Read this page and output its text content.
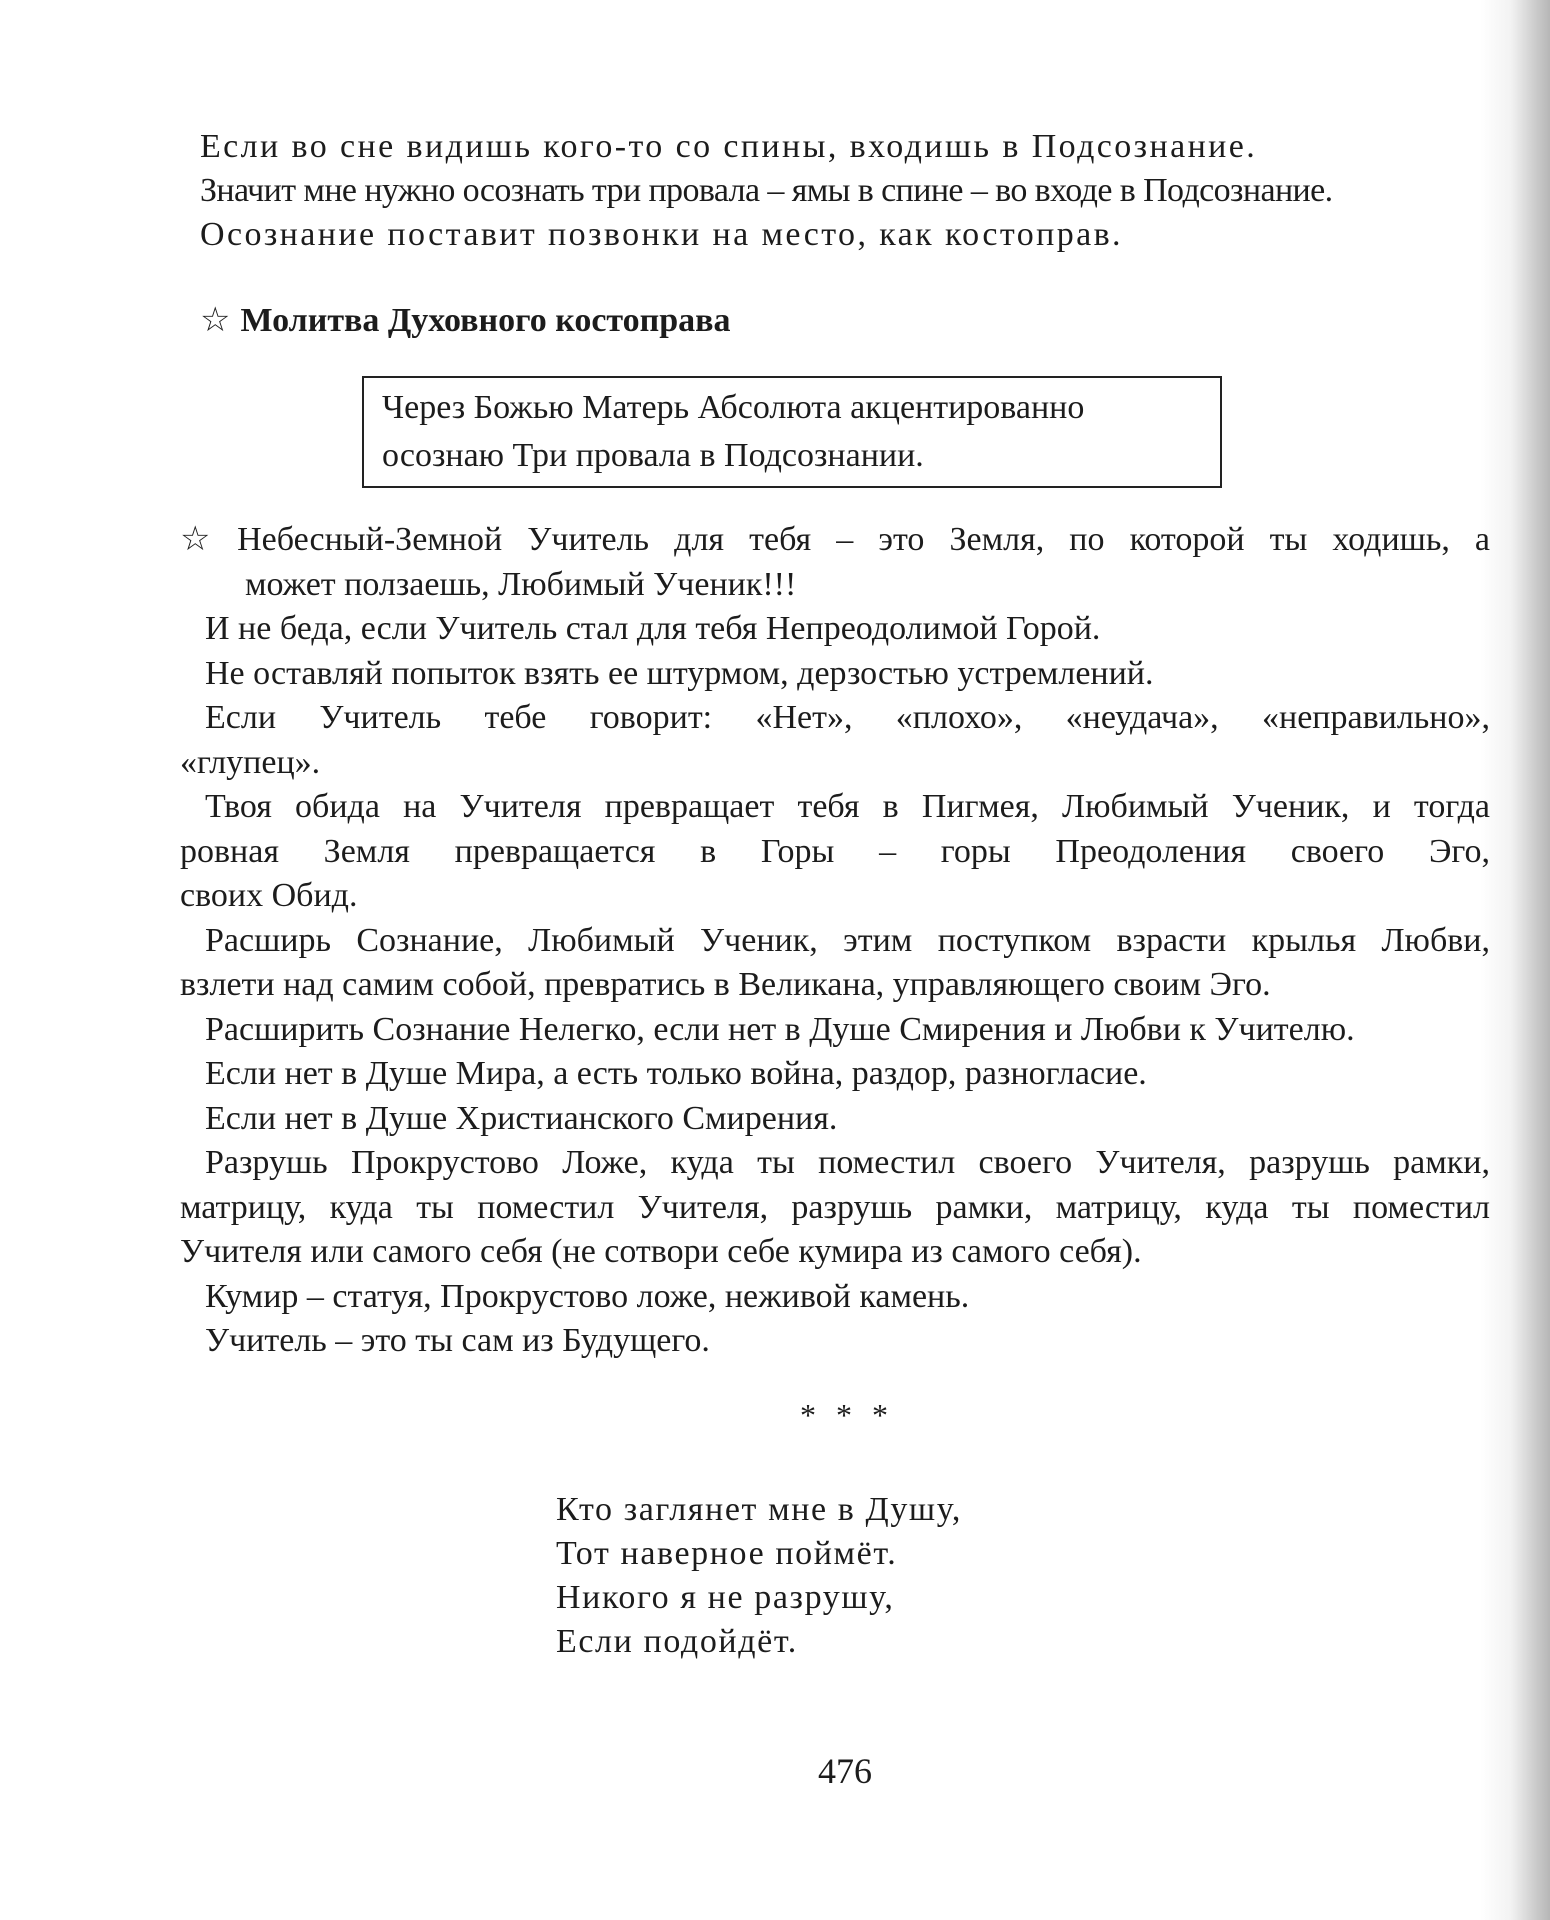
Если во сне видишь кого-то со спины, входишь в Подсознание.
Значит мне нужно осознать три провала – ямы в спине – во входе в Подсознание.
Осознание поставит позвонки на место, как костоправ.
☆ Молитва Духовного костоправа
Через Божью Матерь Абсолюта акцентированно
осознаю Три провала в Подсознании.
☆ Небесный-Земной Учитель для тебя – это Земля, по которой ты ходишь, а
может ползаешь, Любимый Ученик!!!
И не беда, если Учитель стал для тебя Непреодолимой Горой.
Не оставляй попыток взять ее штурмом, дерзостью устремлений.
Если Учитель тебе говорит: «Нет», «плохо», «неудача», «неправильно»,
«глупец».
Твоя обида на Учителя превращает тебя в Пигмея, Любимый Ученик, и тогда
ровная Земля превращается в Горы – горы Преодоления своего Эго,
своих Обид.
Расширь Сознание, Любимый Ученик, этим поступком взрасти крылья Любви,
взлети над самим собой, превратись в Великана, управляющего своим Эго.
Расширить Сознание Нелегко, если нет в Душе Смирения и Любви к Учителю.
Если нет в Душе Мира, а есть только война, раздор, разногласие.
Если нет в Душе Христианского Смирения.
Разрушь Прокрустово Ложе, куда ты поместил своего Учителя, разрушь рамки,
матрицу, куда ты поместил Учителя, разрушь рамки, матрицу, куда ты поместил
Учителя или самого себя (не сотвори себе кумира из самого себя).
Кумир – статуя, Прокрустово ложе, неживой камень.
Учитель – это ты сам из Будущего.
* * *
Кто заглянет мне в Душу,
Тот наверное поймёт.
Никого я не разрушу,
Если подойдёт.
476
